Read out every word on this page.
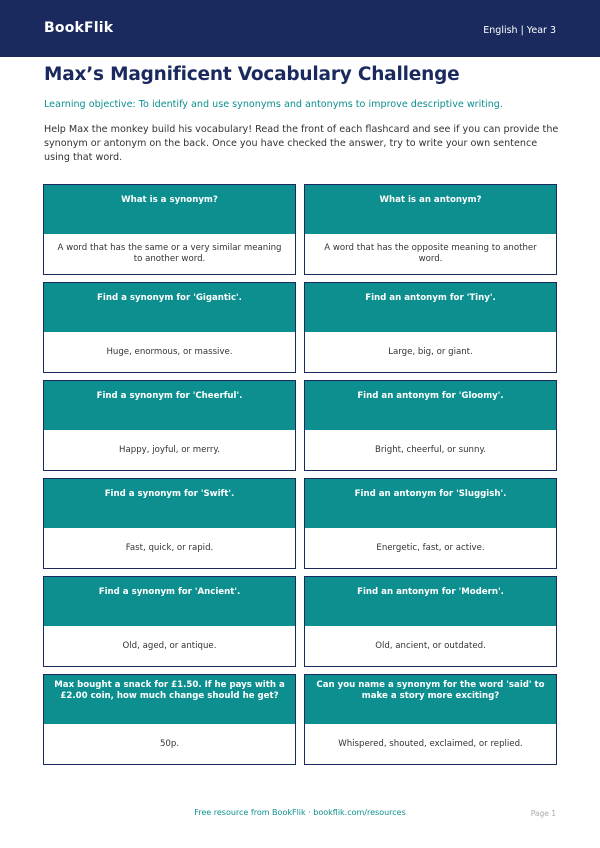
BookFlik	English | Year 3
Max’s Magnificent Vocabulary Challenge
Learning objective: To identify and use synonyms and antonyms to improve descriptive writing.

Help Max the monkey build his vocabulary! Read the front of each flashcard and see if you can provide the synonym or antonym on the back. Once you have checked the answer, try to write your own sentence using that word.

What is a synonym?
A word that has the same or a very similar meaning to another word.
What is an antonym?
A word that has the opposite meaning to another word.
Find a synonym for 'Gigantic'.
Huge, enormous, or massive.
Find an antonym for 'Tiny'.
Large, big, or giant.
Find a synonym for 'Cheerful'.
Happy, joyful, or merry.
Find an antonym for 'Gloomy'.
Bright, cheerful, or sunny.
Find a synonym for 'Swift'.
Fast, quick, or rapid.
Find an antonym for 'Sluggish'.
Energetic, fast, or active.
Find a synonym for 'Ancient'.
Old, aged, or antique.
Find an antonym for 'Modern'.
Old, ancient, or outdated.
Max bought a snack for £1.50. If he pays with a £2.00 coin, how much change should he get?
50p.
Can you name a synonym for the word 'said' to make a story more exciting?
Whispered, shouted, exclaimed, or replied.
Free resource from BookFlik · bookflik.com/resources	Page 1
